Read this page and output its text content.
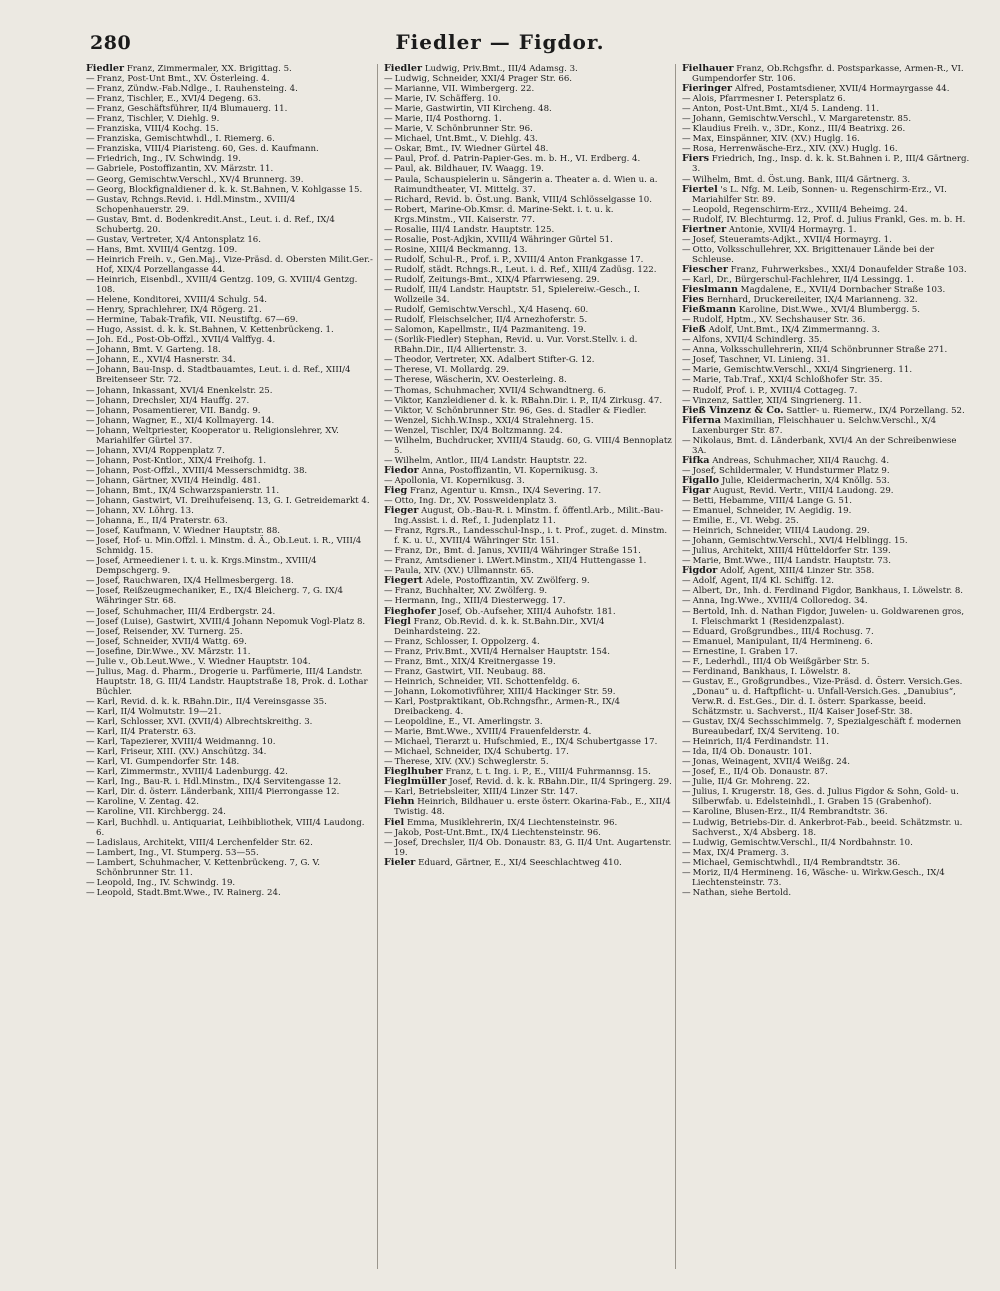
280	Fiedler — Figdor.

Fiedler Franz, Zimmermaler, XX. Brigittag. 5.

— Franz, Post-Unt Bmt., XV. Österleing. 4.

— Franz, Zündw.-Fab.Ndlge., I. Rauhensteing. 4.

— Franz, Tischler, E., XVI/4 Degeng. 63.

— Franz, Geschäftsführer, II/4 Blumauerg. 11.

— Franz, Tischler, V. Diehlg. 9.

— Franziska, VIII/4 Kochg. 15.

— Franziska, Gemischtwhdl., I. Riemerg. 6.

— Franziska, VIII/4 Piaristeng. 60, Ges. d. Kaufmann.

— Friedrich, Ing., IV. Schwindg. 19.

— Gabriele, Postoffizantin, XV. Märzstr. 11.

— Georg, Gemischtw.Verschl., XV/4 Brunnerg. 39.

— Georg, Blockfignaldiener d. k. k. St.Bahnen, V. Kohlgasse 15.

— Gustav, Rchngs.Revid. i. Hdl.Minstm., XVIII/4 Schopenhauerstr. 29.

— Gustav, Bmt. d. Bodenkredit.Anst., Leut. i. d. Ref., IX/4 Schubertg. 20.

— Gustav, Vertreter, X/4 Antonsplatz 16.

— Hans, Bmt. XVIII/4 Gentzg. 109.

— Heinrich Freih. v., Gen.Maj., Vize-Präsd. d. Obersten Milit.Ger.-Hof, XIX/4 Porzellangasse 44.

— Heinrich, Eisenbdl., XVIII/4 Gentzg. 109, G. XVIII/4 Gentzg. 108.

— Helene, Konditorei, XVIII/4 Schulg. 54.

— Henry, Sprachlehrer, IX/4 Rögerg. 21.

— Hermine, Tabak-Trafik, VII. Neustiftg. 67—69.

— Hugo, Assist. d. k. k. St.Bahnen, V. Kettenbrückeng. 1.

— Joh. Ed., Post-Ob-Offzl., XVII/4 Valffyg. 4.

— Johann, Bmt. V. Garteng. 18.

— Johann, E., XVI/4 Hasnerstr. 34.

— Johann, Bau-Insp. d. Stadtbauamtes, Leut. i. d. Ref., XIII/4 Breitenseer Str. 72.

— Johann, Inkassant, XVI/4 Enenkelstr. 25.

— Johann, Drechsler, XI/4 Hauffg. 27.

— Johann, Posamentierer, VII. Bandg. 9.

— Johann, Wagner, E., XI/4 Kollmayerg. 14.

— Johann, Weltpriester, Kooperator u. Religionslehrer, XV. Mariahilfer Gürtel 37.

— Johann, XVI/4 Roppenplatz 7.

— Johann, Post-Kntlor., XIX/4 Freihofg. 1.

— Johann, Post-Offzl., XVIII/4 Messerschmidtg. 38.

— Johann, Gärtner, XVII/4 Heindlg. 481.

— Johann, Bmt., IX/4 Schwarzspanierstr. 11.

— Johann, Gastwirt, VI. Dreihufeisenq. 13, G. I. Getreidemarkt 4.

— Johann, XV. Löhrg. 13.

— Johanna, E., II/4 Praterstr. 63.

— Josef, Kaufmann, V. Wiedner Hauptstr. 88.

— Josef, Hof- u. Min.Offzl. i. Minstm. d. Ä., Ob.Leut. i. R., VIII/4 Schmidg. 15.

— Josef, Armeediener i. t. u. k. Krgs.Minstm., XVIII/4 Dempschgerg. 9.

— Josef, Rauchwaren, IX/4 Hellmesbergerg. 18.

— Josef, Reißzeugmechaniker, E., IX/4 Bleicherg. 7, G. IX/4 Währinger Str. 68.

— Josef, Schuhmacher, III/4 Erdbergstr. 24.

— Josef (Luise), Gastwirt, XVIII/4 Johann Nepomuk Vogl-Platz 8.

— Josef, Reisender, XV. Turnerg. 25.

— Josef, Schneider, XVII/4 Wattg. 69.

— Josefine, Dir.Wwe., XV. Märzstr. 11.

— Julie v., Ob.Leut.Wwe., V. Wiedner Hauptstr. 104.

— Julius, Mag. d. Pharm., Drogerie u. Parfümerie, III/4 Landstr. Hauptstr. 18, G. III/4 Landstr. Hauptstraße 18, Prok. d. Lothar Büchler.

— Karl, Revid. d. k. k. RBahn.Dir., II/4 Vereinsgasse 35.

— Karl, II/4 Wolmutstr. 19—21.

— Karl, Schlosser, XVI. (XVII/4) Albrechtskreithg. 3.

— Karl, II/4 Praterstr. 63.

— Karl, Tapezierer, XVIII/4 Weidmanng. 10.

— Karl, Friseur, XIII. (XV.) Anschützg. 34.

— Karl, VI. Gumpendorfer Str. 148.

— Karl, Zimmermstr., XVIII/4 Ladenburgg. 42.

— Karl, Ing., Bau-R. i. Hdl.Minstm., IX/4 Servitengasse 12.

— Karl, Dir. d. österr. Länderbank, XIII/4 Pierrongasse 12.

— Karoline, V. Zentag. 42.

— Karoline, VII. Kirchbergg. 24.

— Karl, Buchhdl. u. Antiquariat, Leihbibliothek, VIII/4 Laudong. 6.

— Ladislaus, Architekt, VIII/4 Lerchenfelder Str. 62.

— Lambert, Ing., VI. Stumperg. 53—55.

— Lambert, Schuhmacher, V. Kettenbrückeng. 7, G. V. Schönbrunner Str. 11.

— Leopold, Ing., IV. Schwindg. 19.

— Leopold, Stadt.Bmt.Wwe., IV. Rainerg. 24.

Fiedler Ludwig, Priv.Bmt., III/4 Adamsg. 3.

— Ludwig, Schneider, XXI/4 Prager Str. 66.

— Marianne, VII. Wimbergerg. 22.

— Marie, IV. Schäfferg. 10.

— Marie, Gastwirtin, VII Kircheng. 48.

— Marie, II/4 Posthorng. 1.

— Marie, V. Schönbrunner Str. 96.

— Michael, Unt.Bmt., V. Diehlg. 43.

— Oskar, Bmt., IV. Wiedner Gürtel 48.

— Paul, Prof. d. Patrin-Papier-Ges. m. b. H., VI. Erdberg. 4.

— Paul, ak. Bildhauer, IV. Waagg. 19.

— Paula, Schauspielerin u. Sängerin a. Theater a. d. Wien u. a. Raimundtheater, VI. Mittelg. 37.

— Richard, Revid. b. Öst.ung. Bank, VIII/4 Schlösselgasse 10.

— Robert, Marine-Ob.Kmsr. d. Marine-Sekt. i. t. u. k. Krgs.Minstm., VII. Kaiserstr. 77.

— Rosalie, III/4 Landstr. Hauptstr. 125.

— Rosalie, Post-Adjkin, XVIII/4 Währinger Gürtel 51.

— Rosine, XIII/4 Beckmanng. 13.

— Rudolf, Schul-R., Prof. i. P., XVIII/4 Anton Frankgasse 17.

— Rudolf, städt. Rchngs.R., Leut. i. d. Ref., XIII/4 Zadüsg. 122.

— Rudolf, Zeitungs-Bmt., XIX/4 Pfarrwieseng. 29.

— Rudolf, III/4 Landstr. Hauptstr. 51, Spielereiw.-Gesch., I. Wollzeile 34.

— Rudolf, Gemischtw.Verschl., X/4 Hasenq. 60.

— Rudolf, Fleischselcher, II/4 Arnezhoferstr. 5.

— Salomon, Kapellmstr., II/4 Pazmaniteng. 19.

— (Sorlik-Fiedler) Stephan, Revid. u. Vur. Vorst.Stellv. i. d. RBahn.Dir., II/4 Alliertenstr. 3.

— Theodor, Vertreter, XX. Adalbert Stifter-G. 12.

— Therese, VI. Mollardg. 29.

— Therese, Wäscherin, XV. Oesterleing. 8.

— Thomas, Schuhmacher, XVII/4 Schwandtnerg. 6.

— Viktor, Kanzleidiener d. k. k. RBahn.Dir. i. P., II/4 Zirkusg. 47.

— Viktor, V. Schönbrunner Str. 96, Ges. d. Stadler & Fiedler.

— Wenzel, Sichh.W.Insp., XXI/4 Stralehnerg. 15.

— Wenzel, Tischler, IX/4 Boltzmanng. 24.

— Wilhelm, Buchdrucker, XVIII/4 Staudg. 60, G. VIII/4 Bennoplatz 5.

— Wilhelm, Antlor., III/4 Landstr. Hauptstr. 22.

Fiedor Anna, Postoffizantin, VI. Kopernikusg. 3.

— Apollonia, VI. Kopernikusg. 3.

Fieg Franz, Agentur u. Kmsn., IX/4 Severing. 17.

— Otto, Ing. Dr., XV. Possweidenplatz 3.

Fieger August, Ob.-Bau-R. i. Minstm. f. öffentl.Arb., Milit.-Bau-Ing.Assist. i. d. Ref., I. Judenplatz 11.

— Franz, Rgrs.R., Landesschul-Insp., i. t. Prof., zuget. d. Minstm. f. K. u. U., XVIII/4 Währinger Str. 151.

— Franz, Dr., Bmt. d. Janus, XVIII/4 Währinger Straße 151.

— Franz, Amtsdiener i. LWert.Minstm., XII/4 Huttengasse 1.

— Paula, XIV. (XV.) Ullmannstr. 65.

Fiegert Adele, Postoffizantin, XV. Zwölferg. 9.

— Franz, Buchhalter, XV. Zwölferg. 9.

— Hermann, Ing., XIII/4 Diesterwegg. 17.

Fieghofer Josef, Ob.-Aufseher, XIII/4 Auhofstr. 181.

Fiegl Franz, Ob.Revid. d. k. k. St.Bahn.Dir., XVI/4 Deinhardsteing. 22.

— Franz, Schlosser, I. Oppolzerg. 4.

— Franz, Priv.Bmt., XVII/4 Hernalser Hauptstr. 154.

— Franz, Bmt., XIX/4 Kreitnergasse 19.

— Franz, Gastwirt, VII. Neubaug. 88.

— Heinrich, Schneider, VII. Schottenfeldg. 6.

— Johann, Lokomotivführer, XIII/4 Hackinger Str. 59.

— Karl, Postpraktikant, Ob.Rchngsfhr., Armen-R., IX/4 Dreibackeng. 4.

— Leopoldine, E., VI. Amerlingstr. 3.

— Marie, Bmt.Wwe., XVIII/4 Frauenfelderstr. 4.

— Michael, Tierarzt u. Hufschmied, E., IX/4 Schubertgasse 17.

— Michael, Schneider, IX/4 Schubertg. 17.

— Therese, XIV. (XV.) Schweglerstr. 5.

Fieglhuber Franz, t. t. Ing. i. P., E., VIII/4 Fuhrmannsg. 15.

Fieglmüller Josef, Revid. d. k. k. RBahn.Dir., II/4 Springerg. 29.

— Karl, Betriebsleiter, XIII/4 Linzer Str. 147.

Fiehn Heinrich, Bildhauer u. erste österr. Okarina-Fab., E., XII/4 Twistig. 48.

Fiel Emma, Musiklehrerin, IX/4 Liechtensteinstr. 96.

— Jakob, Post-Unt.Bmt., IX/4 Liechtensteinstr. 96.

— Josef, Drechsler, II/4 Ob. Donaustr. 83, G. II/4 Unt. Augartenstr. 19.

Fieler Eduard, Gärtner, E., XI/4 Seeschlachtweg 410.

Fielhauer Franz, Ob.Rchgsfhr. d. Postsparkasse, Armen-R., VI. Gumpendorfer Str. 106.

Fieringer Alfred, Postamtsdiener, XVII/4 Hormayrgasse 44.

— Alois, Pfarrmesner I. Petersplatz 6.

— Anton, Post-Unt.Bmt., XI/4 5. Landeng. 11.

— Johann, Gemischtw.Verschl., V. Margaretenstr. 85.

— Klaudius Freih. v., 3Dr., Konz., III/4 Beatrixg. 26.

— Max, Einspänner, XIV. (XV.) Huglg. 16.

— Rosa, Herrenwäsche-Erz., XIV. (XV.) Huglg. 16.

Fiers Friedrich, Ing., Insp. d. k. k. St.Bahnen i. P., III/4 Gärtnerg. 3.

— Wilhelm, Bmt. d. Öst.ung. Bank, III/4 Gärtnerg. 3.

Fiertel 's L. Nfg. M. Leib, Sonnen- u. Regenschirm-Erz., VI. Mariahilfer Str. 89.

— Leopold, Regenschirm-Erz., XVIII/4 Beheimg. 24.

— Rudolf, IV. Blechturmg. 12, Prof. d. Julius Frankl, Ges. m. b. H.

Fiertner Antonie, XVII/4 Hormayrg. 1.

— Josef, Steueramts-Adjkt., XVII/4 Hormayrg. 1.

— Otto, Volksschullehrer, XX. Brigittenauer Lände bei der Schleuse.

Fiescher Franz, Fuhrwerksbes., XXI/4 Donaufelder Straße 103.

— Karl, Dr., Bürgerschul-Fachlehrer, II/4 Lessingg. 1.

Fieslmann Magdalene, E., XVII/4 Dornbacher Straße 103.

Fies Bernhard, Druckereileiter, IX/4 Marianneng. 32.

Fießmann Karoline, Dist.Wwe., XVI/4 Blumbergg. 5.

— Rudolf, Hptm., XV. Sechshauser Str. 36.

Fieß Adolf, Unt.Bmt., IX/4 Zimmermanng. 3.

— Alfons, XVII/4 Schindlerg. 35.

— Anna, Volksschullehrerin, XII/4 Schönbrunner Straße 271.

— Josef, Taschner, VI. Linieng. 31.

— Marie, Gemischtw.Verschl., XXI/4 Singrienerg. 11.

— Marie, Tab.Traf., XXI/4 Schloßhofer Str. 35.

— Rudolf, Prof. i. P., XVIII/4 Cottageg. 7.

— Vinzenz, Sattler, XII/4 Singrienerg. 11.

Fieß Vinzenz & Co. Sattler- u. Riemerw., IX/4 Porzellang. 52.

Fiferna Maximilian, Fleischhauer u. Selchw.Verschl., X/4 Laxenburger Str. 87.

— Nikolaus, Bmt. d. Länderbank, XVI/4 An der Schreibenwiese 3A.

Fifka Andreas, Schuhmacher, XII/4 Rauchg. 4.

— Josef, Schildermaler, V. Hundsturmer Platz 9.

Figallo Julie, Kleidermacherin, X/4 Knöllg. 53.

Figar August, Revid. Vertr., VIII/4 Laudong. 29.

— Betti, Hebamme, VIII/4 Lange G. 51.

— Emanuel, Schneider, IV. Aegidig. 19.

— Emilie, E., VI. Webg. 25.

— Heinrich, Schneider, VIII/4 Laudong. 29.

— Johann, Gemischtw.Verschl., XVI/4 Helblingg. 15.

— Julius, Architekt, XIII/4 Hütteldorfer Str. 139.

— Marie, Bmt.Wwe., III/4 Landstr. Hauptstr. 73.

Figdor Adolf, Agent, XIII/4 Linzer Str. 358.

— Adolf, Agent, II/4 Kl. Schiffg. 12.

— Albert, Dr., Inh. d. Ferdinand Figdor, Bankhaus, I. Löwelstr. 8.

— Anna, Ing.Wwe., XVIII/4 Colloredog. 34.

— Bertold, Inh. d. Nathan Figdor, Juwelen- u. Goldwarenen gros, I. Fleischmarkt 1 (Residenzpalast).

— Eduard, Großgrundbes., III/4 Rochusg. 7.

— Emanuel, Manipulant, II/4 Hermineng. 6.

— Ernestine, I. Graben 17.

— F., Lederhdl., III/4 Ob Weißgärber Str. 5.

— Ferdinand, Bankhaus, I. Löwelstr. 8.

— Gustav, E., Großgrundbes., Vize-Präsd. d. Österr. Versich.Ges. „Donau“ u. d. Haftpflicht- u. Unfall-Versich.Ges. „Danubius“, Verw.R. d. Est.Ges., Dir. d. I. österr. Sparkasse, beeid. Schätzmstr. u. Sachverst., II/4 Kaiser Josef-Str. 38.

— Gustav, IX/4 Sechsschimmelg. 7, Spezialgeschäft f. modernen Bureaubedarf, IX/4 Serviteng. 10.

— Heinrich, II/4 Ferdinandstr. 11.

— Ida, II/4 Ob. Donaustr. 101.

— Jonas, Weinagent, XVII/4 Weißg. 24.

— Josef, E., II/4 Ob. Donaustr. 87.

— Julie, II/4 Gr. Mohreng. 22.

— Julius, I. Krugerstr. 18, Ges. d. Julius Figdor & Sohn, Gold- u. Silberwfab. u. Edelsteinhdl., I. Graben 15 (Grabenhof).

— Karoline, Blusen-Erz., II/4 Rembrandtstr. 36.

— Ludwig, Betriebs-Dir. d. Ankerbrot-Fab., beeid. Schätzmstr. u. Sachverst., X/4 Absberg. 18.

— Ludwig, Gemischtw.Verschl., II/4 Nordbahnstr. 10.

— Max, IX/4 Pramerg. 3.

— Michael, Gemischtwhdl., II/4 Rembrandtstr. 36.

— Moriz, II/4 Hermineng. 16, Wäsche- u. Wirkw.Gesch., IX/4 Liechtensteinstr. 73.

— Nathan, siehe Bertold.
